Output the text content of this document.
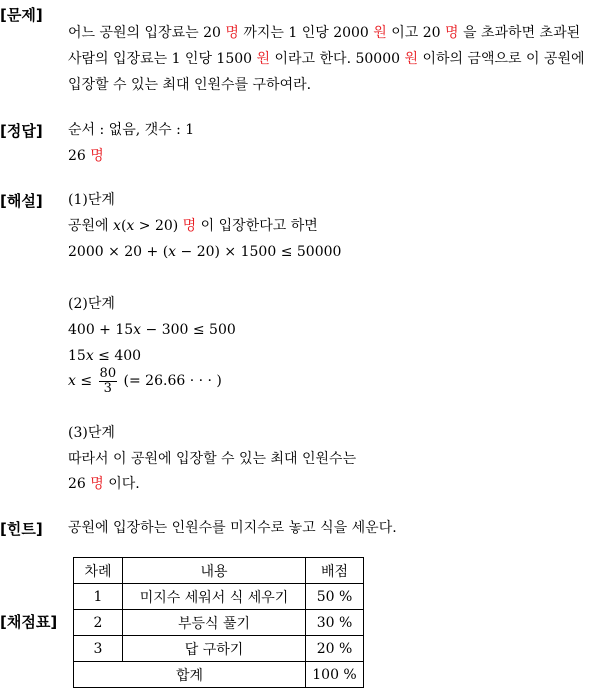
[문제]
어느 공원의 입장료는 20 명 까지는 1 인당 2000 원 이고 20 명 을 초과하면 초과된
사람의 입장료는 1 인당 1500 원 이라고 한다. 50000 원 이하의 금액으로 이 공원에
입장할 수 있는 최대 인원수를 구하여라.
[정답] 순서 : 없음, 갯수 : 1
26 명
[해설] (1)단계
공원에 x(x > 20) 명 이 입장한다고 하면
2000 × 20 + (x − 20) × 1500 ≤ 50000
(2)단계
400 + 15x − 300 ≤ 500
15x ≤ 400
$x \le \frac{80}{3}$ (= 26.66 · · · )
(3)단계
따라서 이 공원에 입장할 수 있는 최대 인원수는
26 명 이다.
[힌트] 공원에 입장하는 인원수를 미지수로 놓고 식을 세운다.
[채점표]
차례	내용	배점
1	미지수 세워서 식 세우기	50 %
2	부등식 풀기	30 %
3	답 구하기	20 %
합계		100 %
